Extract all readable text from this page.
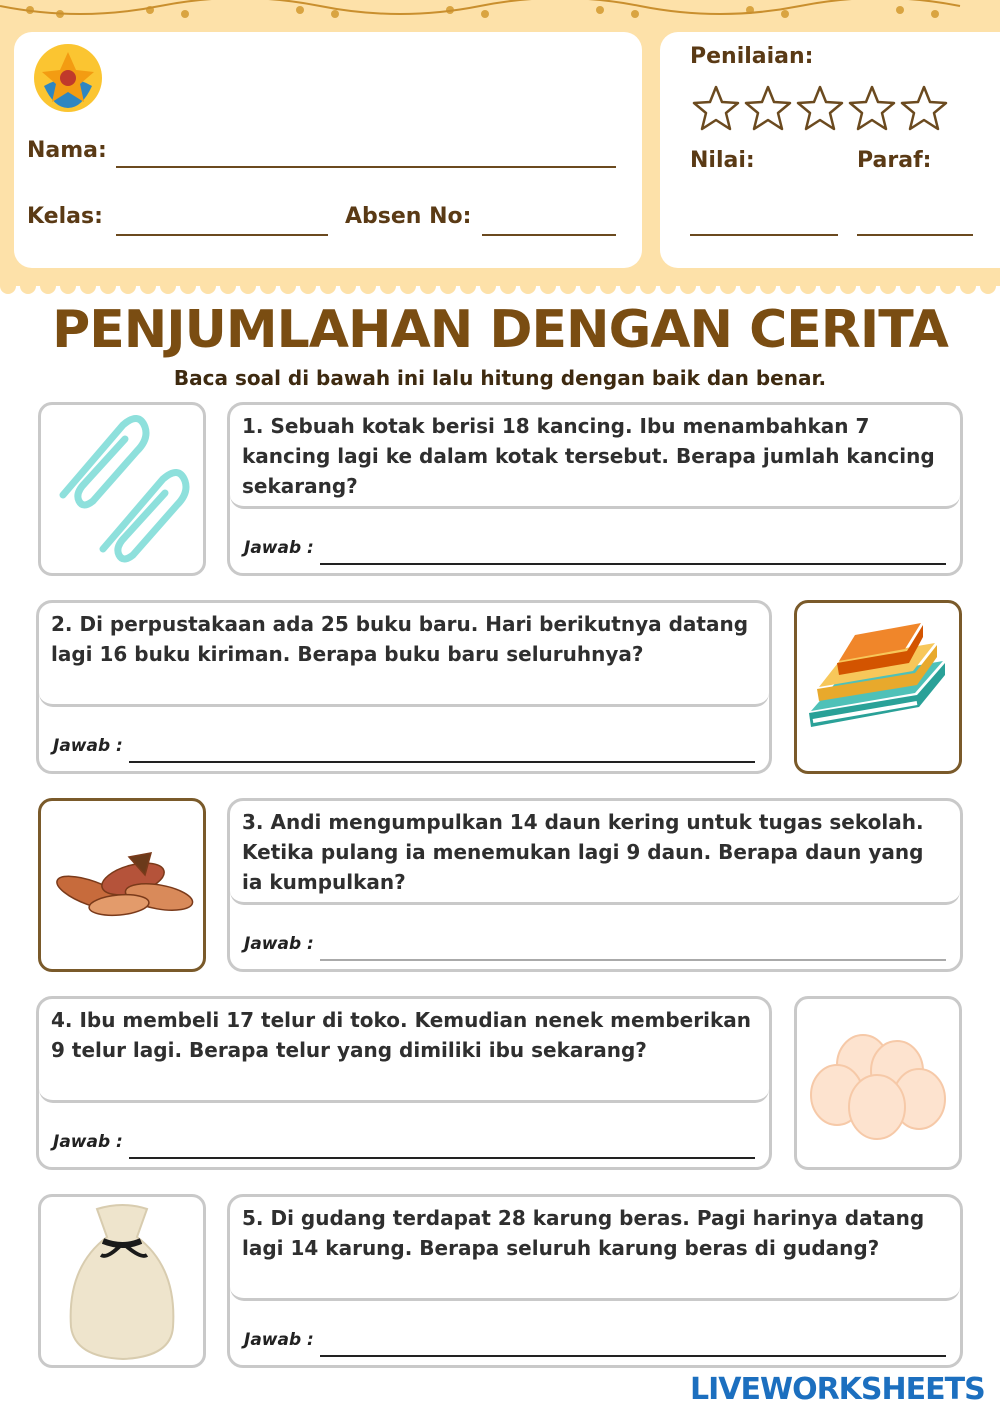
Nama:
Kelas:	Absen No:
Penilaian:
Nilai:	Paraf:
PENJUMLAHAN DENGAN CERITA
Baca soal di bawah ini lalu hitung dengan baik dan benar.
1. Sebuah kotak berisi 18 kancing. Ibu menambahkan 7 kancing lagi ke dalam kotak tersebut. Berapa jumlah kancing sekarang?
Jawab :
2. Di perpustakaan ada 25 buku baru. Hari berikutnya datang lagi 16 buku kiriman. Berapa buku baru seluruhnya?
Jawab :
3. Andi mengumpulkan 14 daun kering untuk tugas sekolah. Ketika pulang ia menemukan lagi 9 daun. Berapa daun yang ia kumpulkan?
Jawab :
4. Ibu membeli 17 telur di toko. Kemudian nenek memberikan 9 telur lagi. Berapa telur yang dimiliki ibu sekarang?
Jawab :
5. Di gudang terdapat 28 karung beras. Pagi harinya datang lagi 14 karung. Berapa seluruh karung beras di gudang?
Jawab :
LIVEWORKSHEETS
